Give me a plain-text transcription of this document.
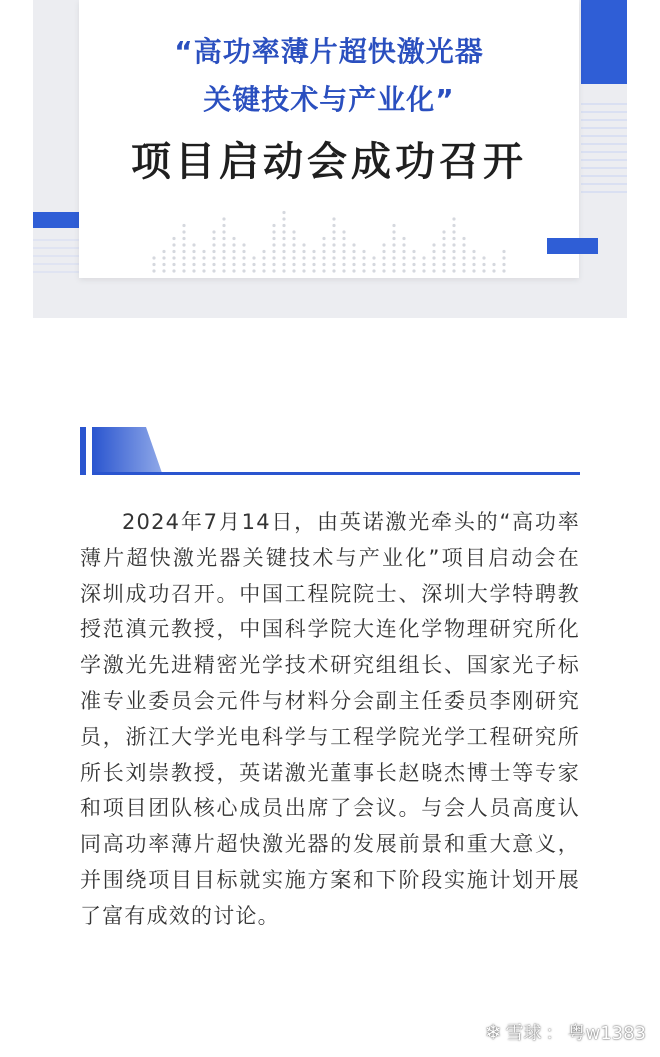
“高功率薄片超快激光器
关键技术与产业化”
项目启动会成功召开
2024年7月14日，由英诺激光牵头的“高功率薄片超快激光器关键技术与产业化”项目启动会在深圳成功召开。中国工程院院士、深圳大学特聘教授范滇元教授，中国科学院大连化学物理研究所化学激光先进精密光学技术研究组组长、国家光子标准专业委员会元件与材料分会副主任委员李刚研究员，浙江大学光电科学与工程学院光学工程研究所所长刘崇教授，英诺激光董事长赵晓杰博士等专家和项目团队核心成员出席了会议。与会人员高度认同高功率薄片超快激光器的发展前景和重大意义，并围绕项目目标就实施方案和下阶段实施计划开展了富有成效的讨论。
❄ 雪球 ： 粤w1383
